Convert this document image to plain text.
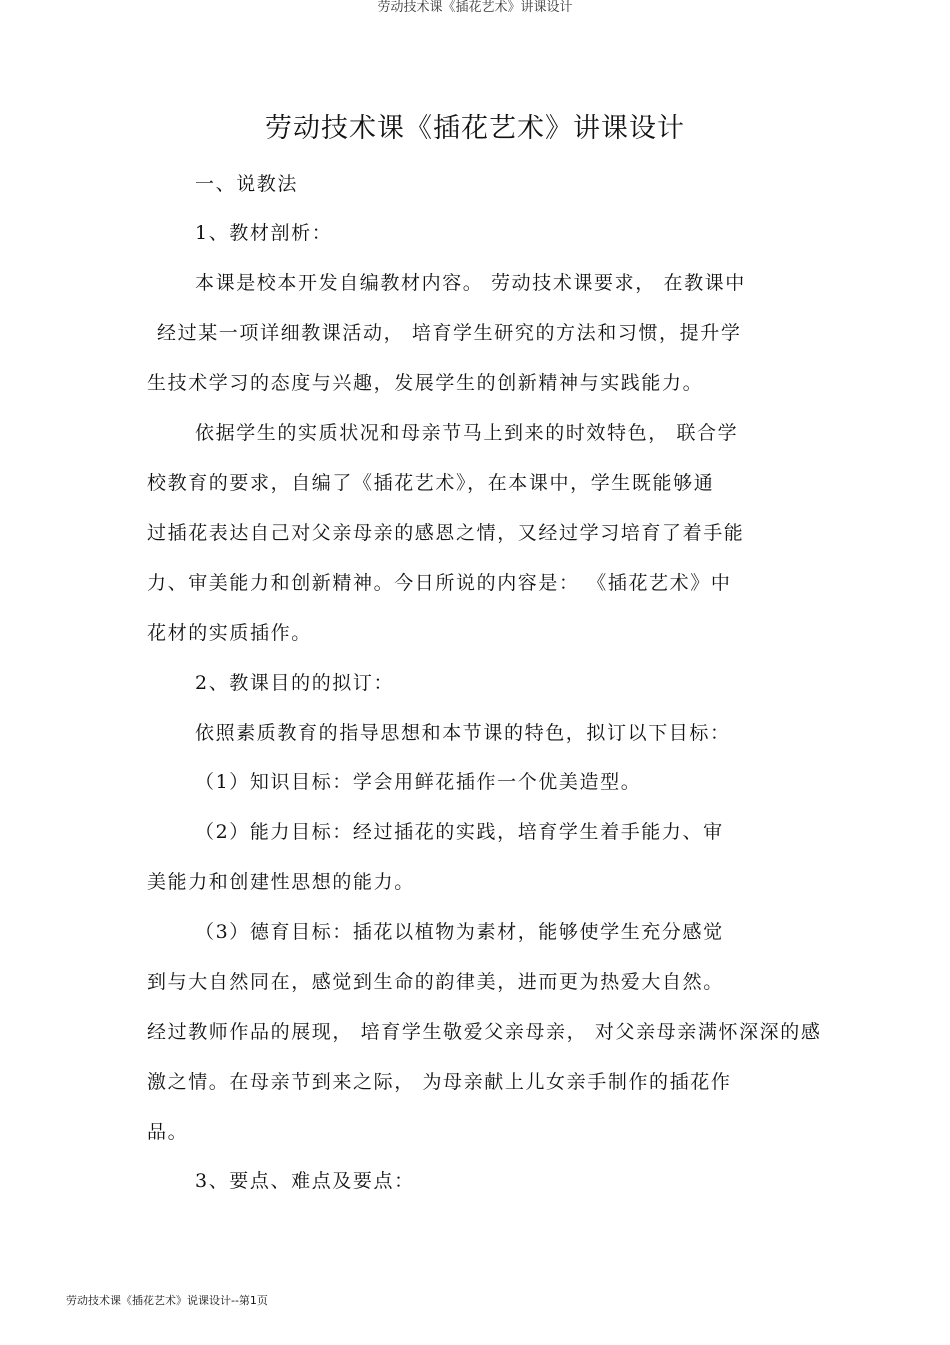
劳动技术课《插花艺术》讲课设计
劳动技术课《插花艺术》讲课设计
一、说教法
1、教材剖析：
本课是校本开发自编教材内容。 劳动技术课要求， 在教课中
经过某一项详细教课活动， 培育学生研究的方法和习惯，提升学
生技术学习的态度与兴趣，发展学生的创新精神与实践能力。
依据学生的实质状况和母亲节马上到来的时效特色， 联合学
校教育的要求，自编了《插花艺术》，在本课中，学生既能够通
过插花表达自己对父亲母亲的感恩之情，又经过学习培育了着手能
力、审美能力和创新精神。今日所说的内容是： 《插花艺术》中
花材的实质插作。
2、教课目的的拟订：
依照素质教育的指导思想和本节课的特色，拟订以下目标：
（1）知识目标：学会用鲜花插作一个优美造型。
（2）能力目标：经过插花的实践，培育学生着手能力、审
美能力和创建性思想的能力。
（3）德育目标：插花以植物为素材，能够使学生充分感觉
到与大自然同在，感觉到生命的韵律美，进而更为热爱大自然。
经过教师作品的展现， 培育学生敬爱父亲母亲， 对父亲母亲满怀深深的感
激之情。在母亲节到来之际， 为母亲献上儿女亲手制作的插花作
品。
3、要点、难点及要点：
劳动技术课《插花艺术》说课设计--第1页
